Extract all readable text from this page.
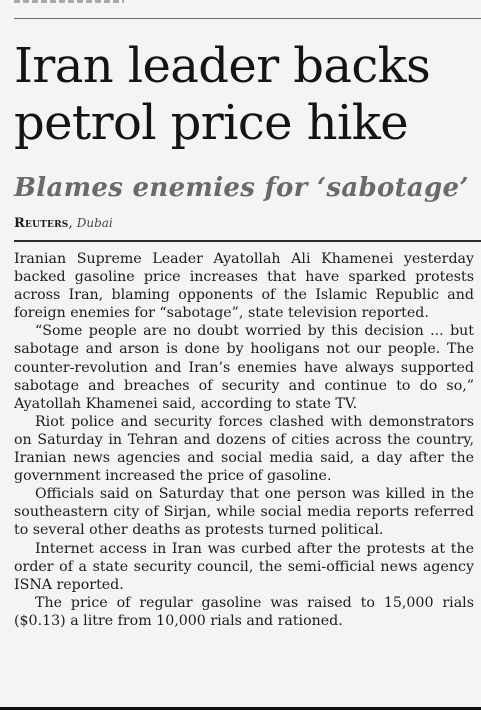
Iran leader backs petrol price hike
Blames enemies for ‘sabotage’
Reuters, Dubai

Iranian Supreme Leader Ayatollah Ali Khamenei yesterday backed gasoline price increases that have sparked protests across Iran, blaming opponents of the Islamic Republic and foreign enemies for “sabotage”, state television reported.

“Some people are no doubt worried by this decision ... but sabotage and arson is done by hooligans not our people. The counter-revolution and Iran’s enemies have always supported sabotage and breaches of security and continue to do so,” Ayatollah Khamenei said, according to state TV.

Riot police and security forces clashed with demonstrators on Saturday in Tehran and dozens of cities across the country, Iranian news agencies and social media said, a day after the government increased the price of gasoline.

Officials said on Saturday that one person was killed in the southeastern city of Sirjan, while social media reports referred to several other deaths as protests turned political.

Internet access in Iran was curbed after the protests at the order of a state security council, the semi-official news agency ISNA reported.

The price of regular gasoline was raised to 15,000 rials ($0.13) a litre from 10,000 rials and rationed.
